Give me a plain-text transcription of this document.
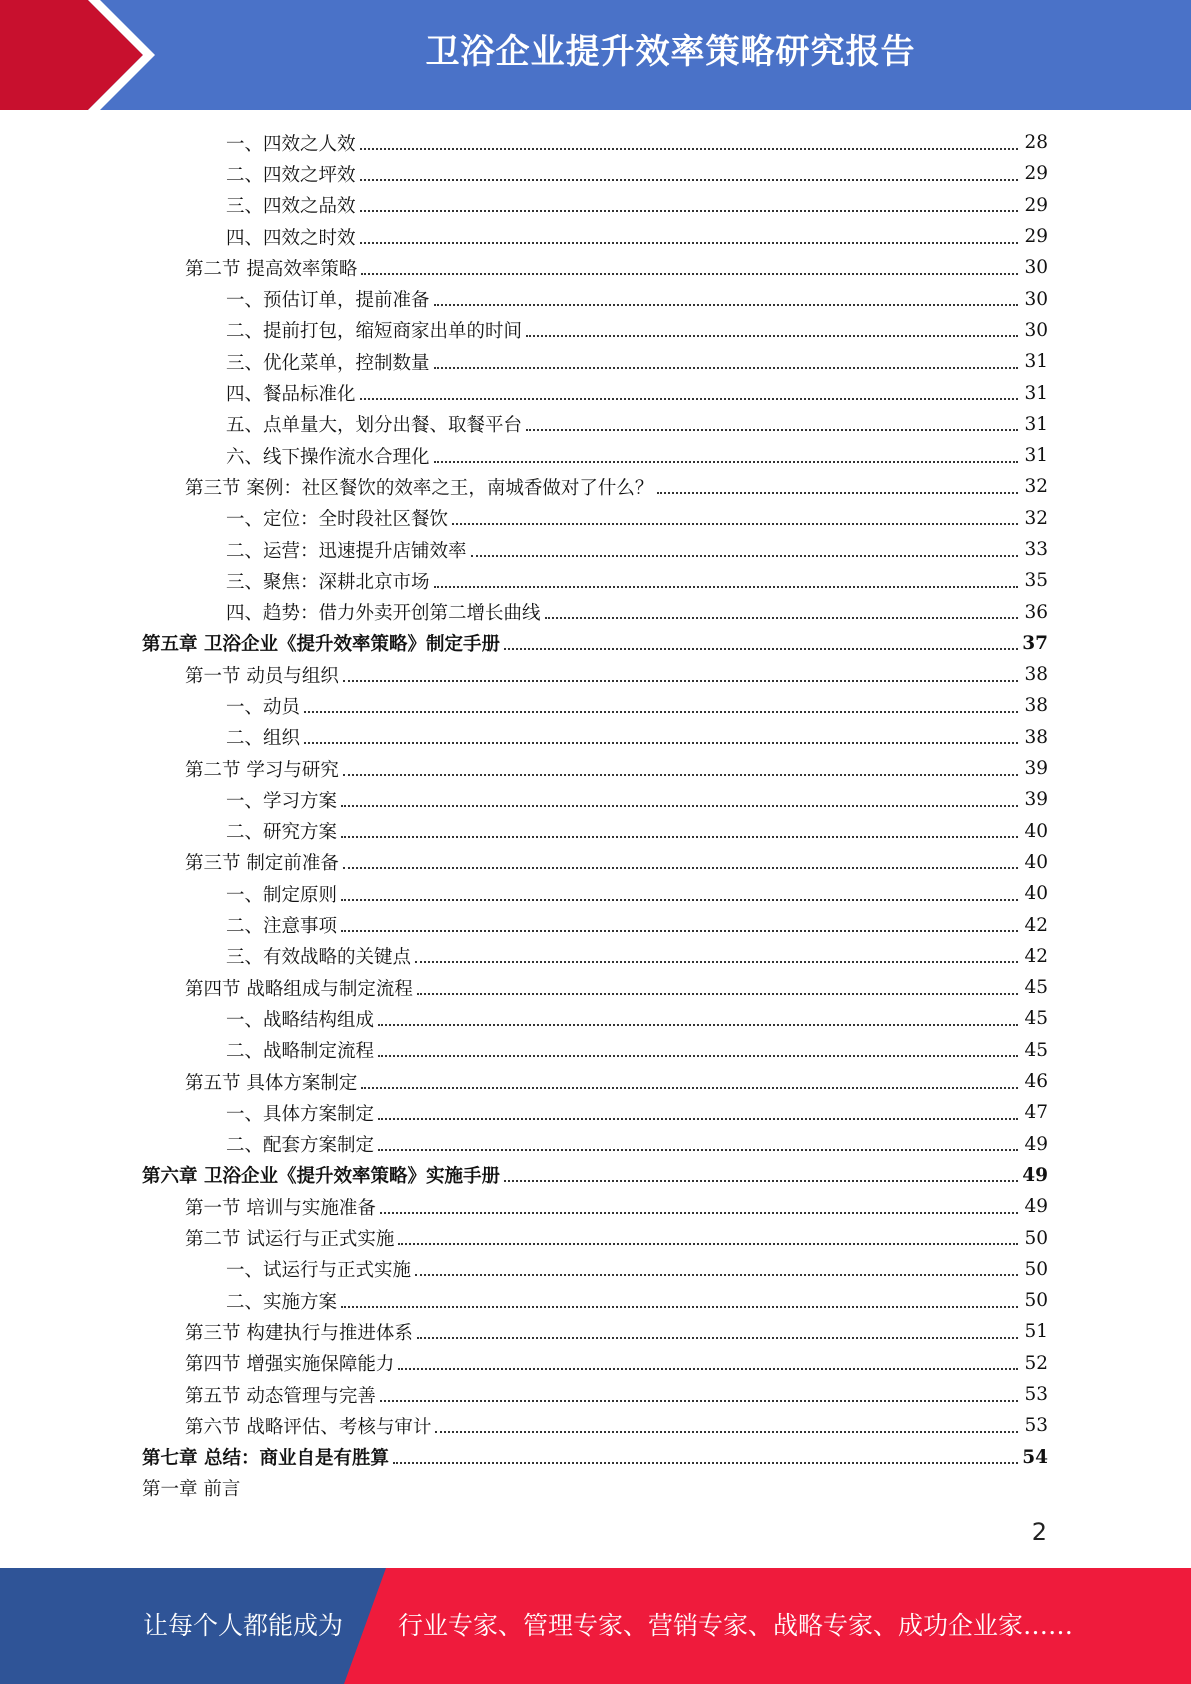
卫浴企业提升效率策略研究报告
一、四效之人效	28
二、四效之坪效	29
三、四效之品效	29
四、四效之时效	29
第二节 提高效率策略	30
一、预估订单，提前准备	30
二、提前打包，缩短商家出单的时间	30
三、优化菜单，控制数量	31
四、餐品标准化	31
五、点单量大，划分出餐、取餐平台	31
六、线下操作流水合理化	31
第三节 案例：社区餐饮的效率之王，南城香做对了什么？	32
一、定位：全时段社区餐饮	32
二、运营：迅速提升店铺效率	33
三、聚焦：深耕北京市场	35
四、趋势：借力外卖开创第二增长曲线	36
第五章 卫浴企业《提升效率策略》制定手册	37
第一节 动员与组织	38
一、动员	38
二、组织	38
第二节 学习与研究	39
一、学习方案	39
二、研究方案	40
第三节 制定前准备	40
一、制定原则	40
二、注意事项	42
三、有效战略的关键点	42
第四节 战略组成与制定流程	45
一、战略结构组成	45
二、战略制定流程	45
第五节 具体方案制定	46
一、具体方案制定	47
二、配套方案制定	49
第六章 卫浴企业《提升效率策略》实施手册	49
第一节 培训与实施准备	49
第二节 试运行与正式实施	50
一、试运行与正式实施	50
二、实施方案	50
第三节 构建执行与推进体系	51
第四节 增强实施保障能力	52
第五节 动态管理与完善	53
第六节 战略评估、考核与审计	53
第七章 总结：商业自是有胜算	54
第一章 前言
2
让每个人都能成为 行业专家、管理专家、营销专家、战略专家、成功企业家……
